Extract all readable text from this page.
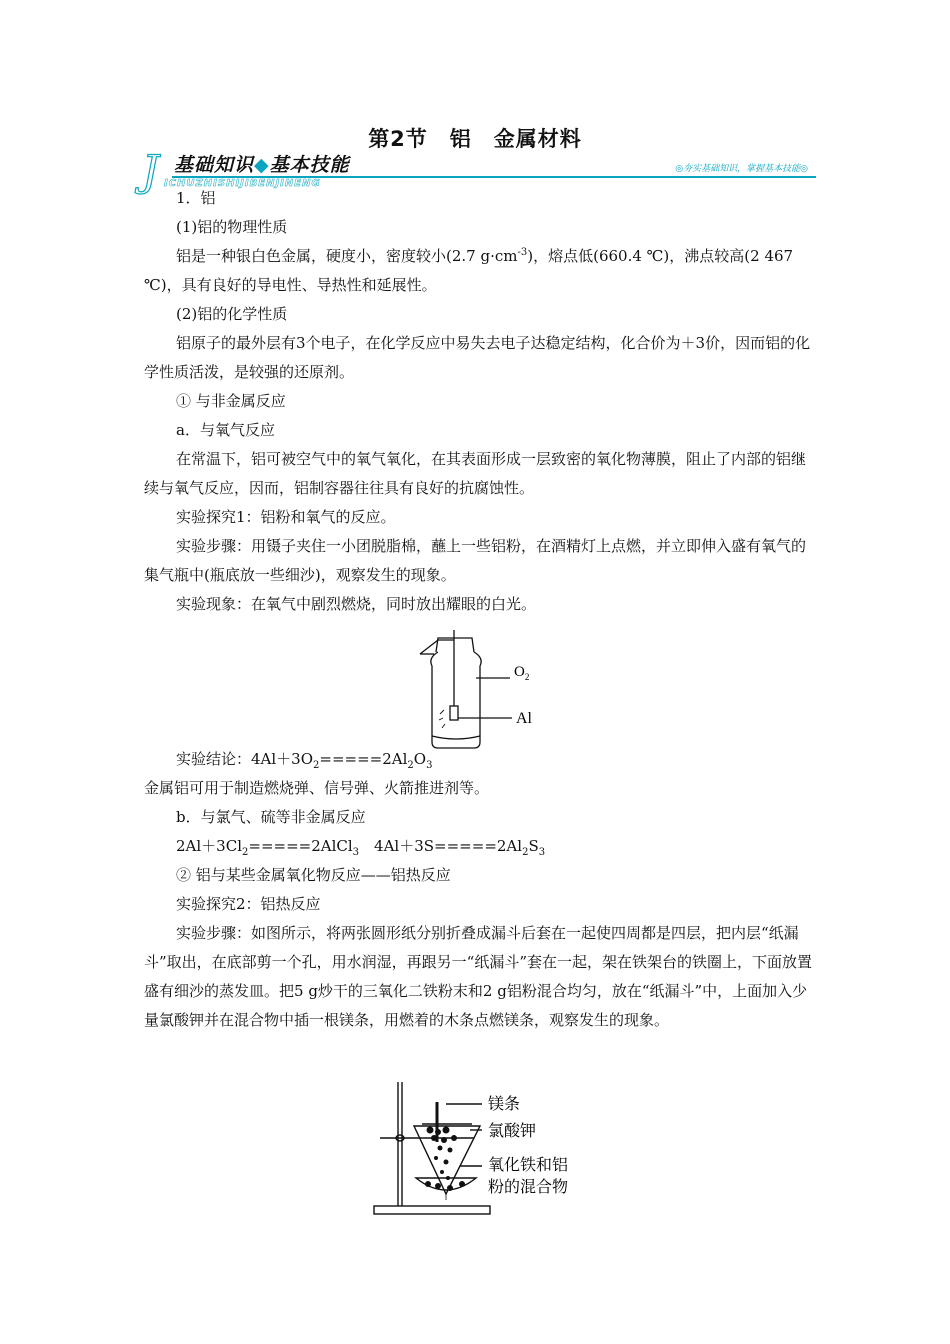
第2节　铝　金属材料
J 基础知识◆基本技能
ICHUZHISHIJIBENJINENG
◎夯实基础知识，掌握基本技能◎

1．铝

(1)铝的物理性质

铝是一种银白色金属，硬度小，密度较小(2.7 $g\cdot cm^{-3}$)，熔点低(660.4 ℃)，沸点较高(2 467 ℃)，具有良好的导电性、导热性和延展性。

(2)铝的化学性质

铝原子的最外层有3个电子，在化学反应中易失去电子达稳定结构，化合价为＋3价，因而铝的化学性质活泼，是较强的还原剂。

① 与非金属反应

a．与氧气反应

在常温下，铝可被空气中的氧气氧化，在其表面形成一层致密的氧化物薄膜，阻止了内部的铝继续与氧气反应，因而，铝制容器往往具有良好的抗腐蚀性。

实验探究1：铝粉和氧气的反应。

实验步骤：用镊子夹住一小团脱脂棉，蘸上一些铝粉，在酒精灯上点燃，并立即伸入盛有氧气的集气瓶中(瓶底放一些细沙)，观察发生的现象。

实验现象：在氧气中剧烈燃烧，同时放出耀眼的白光。

$O_2$
Al

实验结论：$4Al+3O_2=====2Al_2O_3$

金属铝可用于制造燃烧弹、信号弹、火箭推进剂等。

b．与氯气、硫等非金属反应

$2Al+3Cl_2=====2AlCl_3$　$4Al+3S=====2Al_2S_3$

② 铝与某些金属氧化物反应——铝热反应

实验探究2：铝热反应

实验步骤：如图所示，将两张圆形纸分别折叠成漏斗后套在一起使四周都是四层，把内层“纸漏斗”取出，在底部剪一个孔，用水润湿，再跟另一“纸漏斗”套在一起，架在铁架台的铁圈上，下面放置盛有细沙的蒸发皿。把5 g炒干的三氧化二铁粉末和2 g铝粉混合均匀，放在“纸漏斗”中，上面加入少量氯酸钾并在混合物中插一根镁条，用燃着的木条点燃镁条，观察发生的现象。

镁条
氯酸钾
氧化铁和铝
粉的混合物
